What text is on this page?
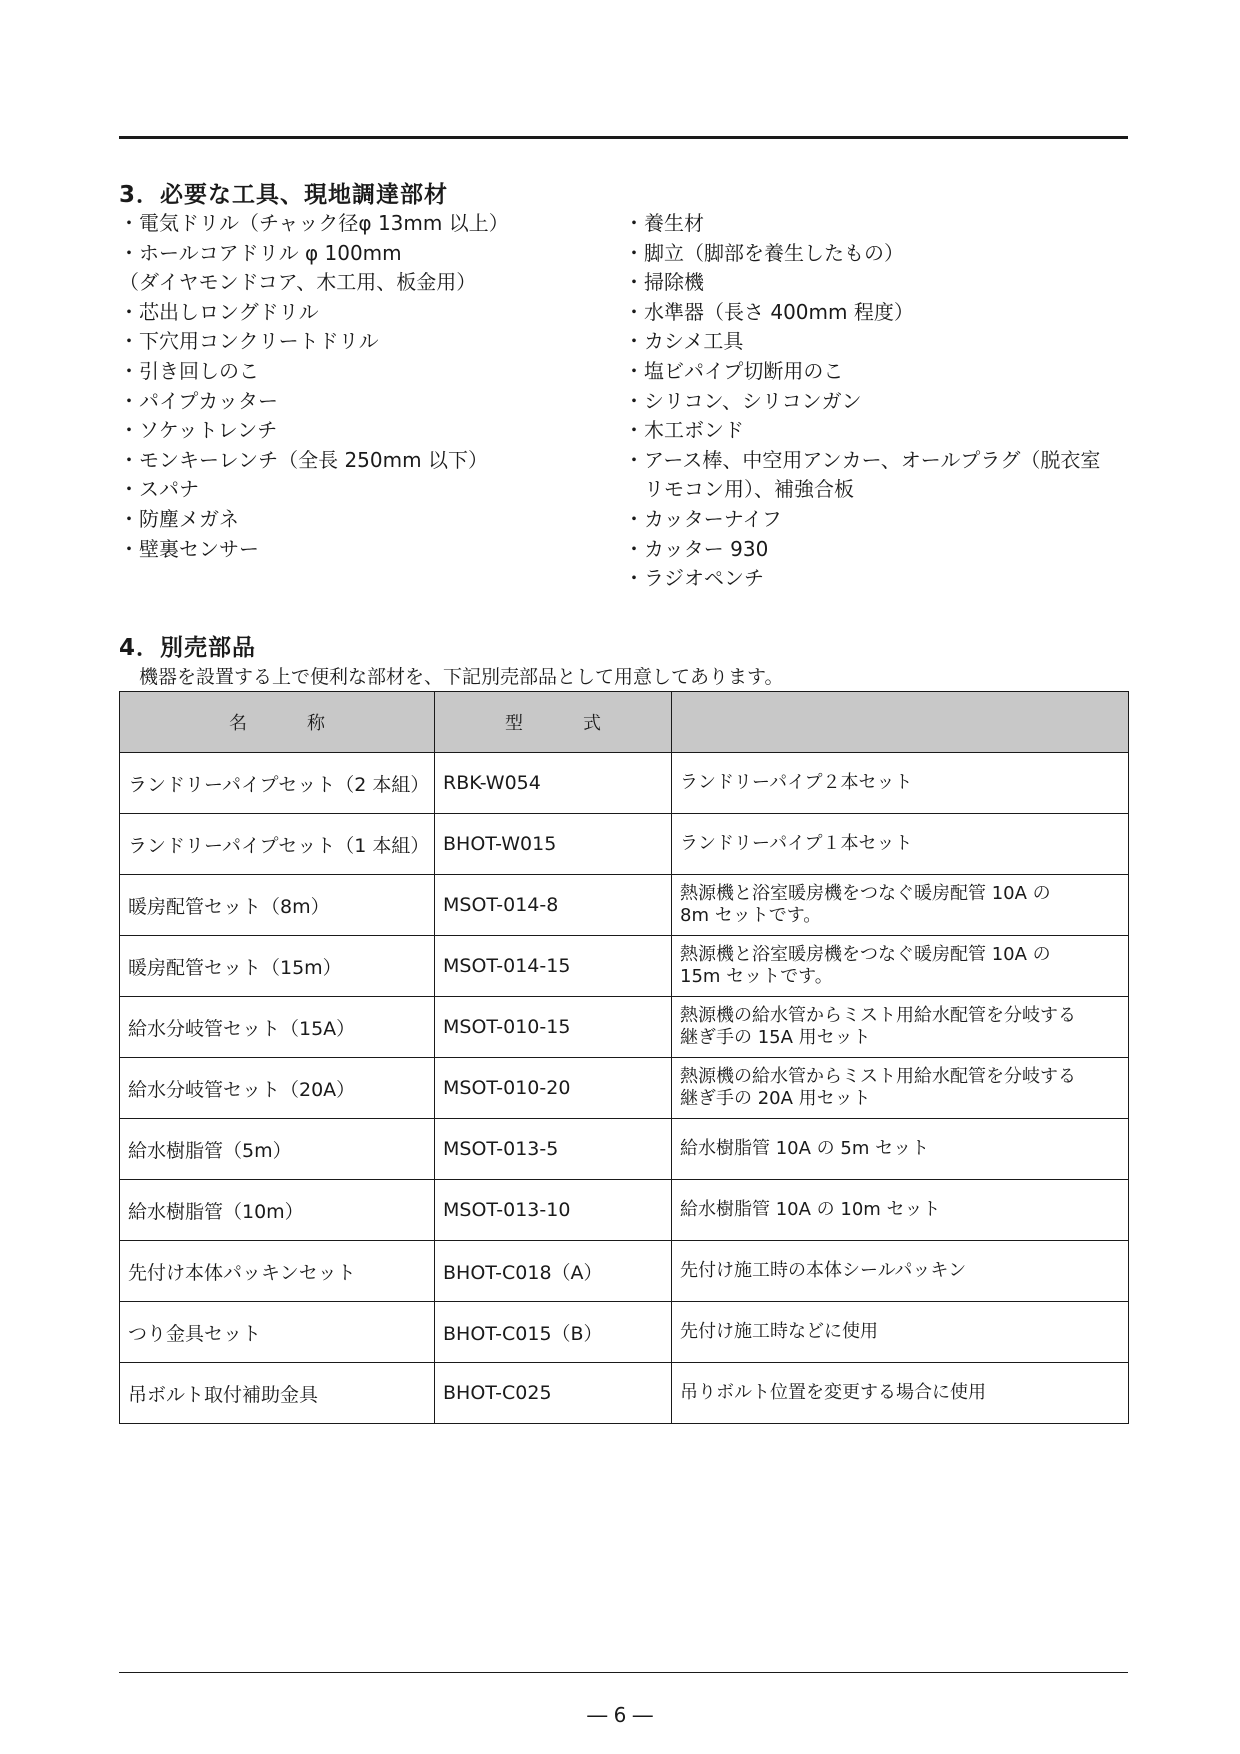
3．必要な工具、現地調達部材
・電気ドリル（チャック径φ 13mm 以上）
・ホールコアドリル φ 100mm
（ダイヤモンドコア、木工用、板金用）
・芯出しロングドリル
・下穴用コンクリートドリル
・引き回しのこ
・パイプカッター
・ソケットレンチ
・モンキーレンチ（全長 250mm 以下）
・スパナ
・防塵メガネ
・壁裏センサー
・養生材
・脚立（脚部を養生したもの）
・掃除機
・水準器（長さ 400mm 程度）
・カシメ工具
・塩ビパイプ切断用のこ
・シリコン、シリコンガン
・木工ボンド
・アース棒、中空用アンカー、オールプラグ（脱衣室
リモコン用）、補強合板
・カッターナイフ
・カッター 930
・ラジオペンチ
4．別売部品

機器を設置する上で便利な部材を、下記別売部品として用意してあります。

名称	型式	
ランドリーパイプセット（2 本組）	RBK-W054	ランドリーパイプ２本セット
ランドリーパイプセット（1 本組）	BHOT-W015	ランドリーパイプ１本セット
暖房配管セット（8m）	MSOT-014-8	熱源機と浴室暖房機をつなぐ暖房配管 10A の
8m セットです。
暖房配管セット（15m）	MSOT-014-15	熱源機と浴室暖房機をつなぐ暖房配管 10A の
15m セットです。
給水分岐管セット（15A）	MSOT-010-15	熱源機の給水管からミスト用給水配管を分岐する
継ぎ手の 15A 用セット
給水分岐管セット（20A）	MSOT-010-20	熱源機の給水管からミスト用給水配管を分岐する
継ぎ手の 20A 用セット
給水樹脂管（5m）	MSOT-013-5	給水樹脂管 10A の 5m セット
給水樹脂管（10m）	MSOT-013-10	給水樹脂管 10A の 10m セット
先付け本体パッキンセット	BHOT-C018（A）	先付け施工時の本体シールパッキン
つり金具セット	BHOT-C015（B）	先付け施工時などに使用
吊ボルト取付補助金具	BHOT-C025	吊りボルト位置を変更する場合に使用
― 6 ―
